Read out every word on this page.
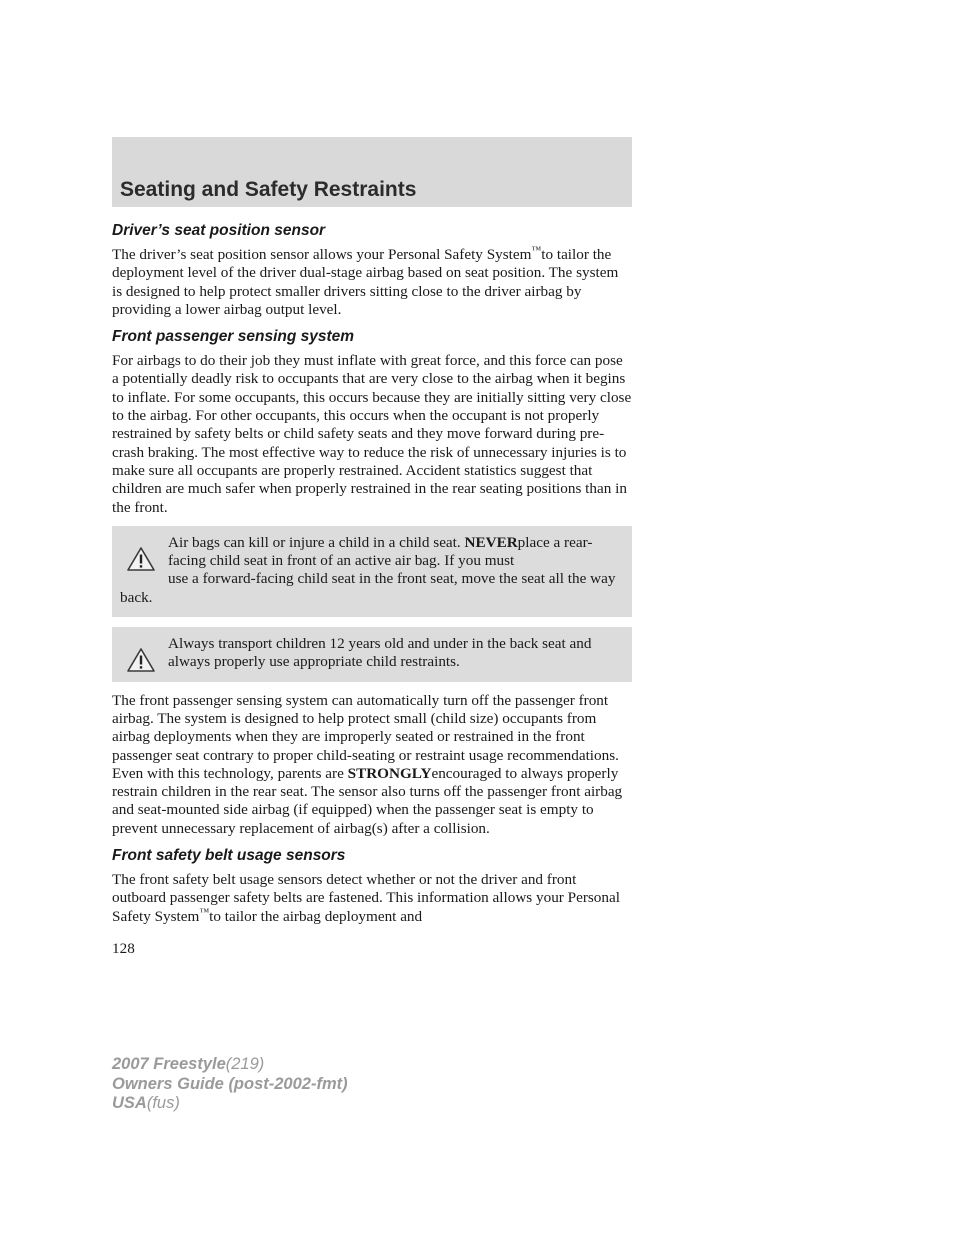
Seating and Safety Restraints
Driver’s seat position sensor

The driver’s seat position sensor allows your Personal Safety System™to tailor the deployment level of the driver dual-stage airbag based on seat position. The system is designed to help protect smaller drivers sitting close to the driver airbag by providing a lower airbag output level.

Front passenger sensing system

For airbags to do their job they must inflate with great force, and this force can pose a potentially deadly risk to occupants that are very close to the airbag when it begins to inflate. For some occupants, this occurs because they are initially sitting very close to the airbag. For other occupants, this occurs when the occupant is not properly restrained by safety belts or child safety seats and they move forward during pre-crash braking. The most effective way to reduce the risk of unnecessary injuries is to make sure all occupants are properly restrained. Accident statistics suggest that children are much safer when properly restrained in the rear seating positions than in the front.

Air bags can kill or injure a child in a child seat. NEVERplace a rear-facing child seat in front of an active air bag. If you must
use a forward-facing child seat in the front seat, move the seat all the way back.
Always transport children 12 years old and under in the back seat and always properly use appropriate child restraints.

The front passenger sensing system can automatically turn off the passenger front airbag. The system is designed to help protect small (child size) occupants from airbag deployments when they are improperly seated or restrained in the front passenger seat contrary to proper child-seating or restraint usage recommendations. Even with this technology, parents are STRONGLYencouraged to always properly restrain children in the rear seat. The sensor also turns off the passenger front airbag and seat-mounted side airbag (if equipped) when the passenger seat is empty to prevent unnecessary replacement of airbag(s) after a collision.

Front safety belt usage sensors

The front safety belt usage sensors detect whether or not the driver and front outboard passenger safety belts are fastened. This information allows your Personal Safety System™to tailor the airbag deployment and

128

2007 Freestyle(219)
Owners Guide (post-2002-fmt)
USA(fus)
